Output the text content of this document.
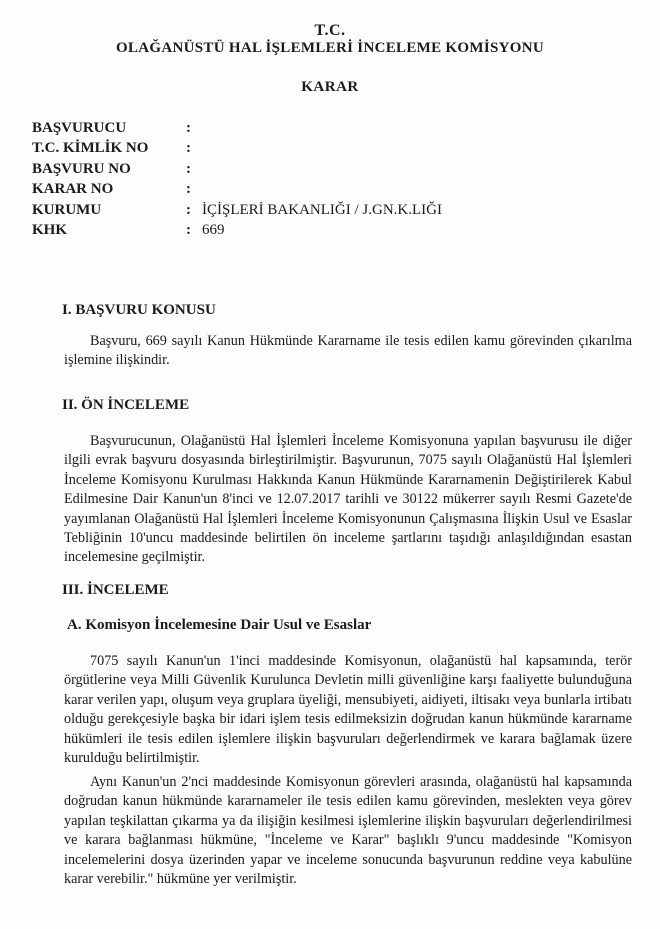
T.C.
OLAĞANÜSTÜ HAL İŞLEMLERİ İNCELEME KOMİSYONU
KARAR
BAŞVURUCU	:
T.C. KİMLİK NO	:
BAŞVURU NO	:
KARAR NO	:
KURUMU	: İÇİŞLERİ BAKANLIĞI / J.GN.K.LIĞI
KHK	: 669
I. BAŞVURU KONUSU
Başvuru, 669 sayılı Kanun Hükmünde Kararname ile tesis edilen kamu görevinden çıkarılma işlemine ilişkindir.
II. ÖN İNCELEME
Başvurucunun, Olağanüstü Hal İşlemleri İnceleme Komisyonuna yapılan başvurusu ile diğer ilgili evrak başvuru dosyasında birleştirilmiştir. Başvurunun, 7075 sayılı Olağanüstü Hal İşlemleri İnceleme Komisyonu Kurulması Hakkında Kanun Hükmünde Kararnamenin Değiştirilerek Kabul Edilmesine Dair Kanun'un 8'inci ve 12.07.2017 tarihli ve 30122 mükerrer sayılı Resmi Gazete'de yayımlanan Olağanüstü Hal İşlemleri İnceleme Komisyonunun Çalışmasına İlişkin Usul ve Esaslar Tebliğinin 10'uncu maddesinde belirtilen ön inceleme şartlarını taşıdığı anlaşıldığından esastan incelemesine geçilmiştir.
III. İNCELEME
A. Komisyon İncelemesine Dair Usul ve Esaslar
7075 sayılı Kanun'un 1'inci maddesinde Komisyonun, olağanüstü hal kapsamında, terör örgütlerine veya Milli Güvenlik Kurulunca Devletin milli güvenliğine karşı faaliyette bulunduğuna karar verilen yapı, oluşum veya gruplara üyeliği, mensubiyeti, aidiyeti, iltisakı veya bunlarla irtibatı olduğu gerekçesiyle başka bir idari işlem tesis edilmeksizin doğrudan kanun hükmünde kararname hükümleri ile tesis edilen işlemlere ilişkin başvuruları değerlendirmek ve karara bağlamak üzere kurulduğu belirtilmiştir.
Aynı Kanun'un 2'nci maddesinde Komisyonun görevleri arasında, olağanüstü hal kapsamında doğrudan kanun hükmünde kararnameler ile tesis edilen kamu görevinden, meslekten veya görev yapılan teşkilattan çıkarma ya da ilişiğin kesilmesi işlemlerine ilişkin başvuruları değerlendirilmesi ve karara bağlanması hükmüne, "İnceleme ve Karar" başlıklı 9'uncu maddesinde "Komisyon incelemelerini dosya üzerinden yapar ve inceleme sonucunda başvurunun reddine veya kabulüne karar verebilir." hükmüne yer verilmiştir.
